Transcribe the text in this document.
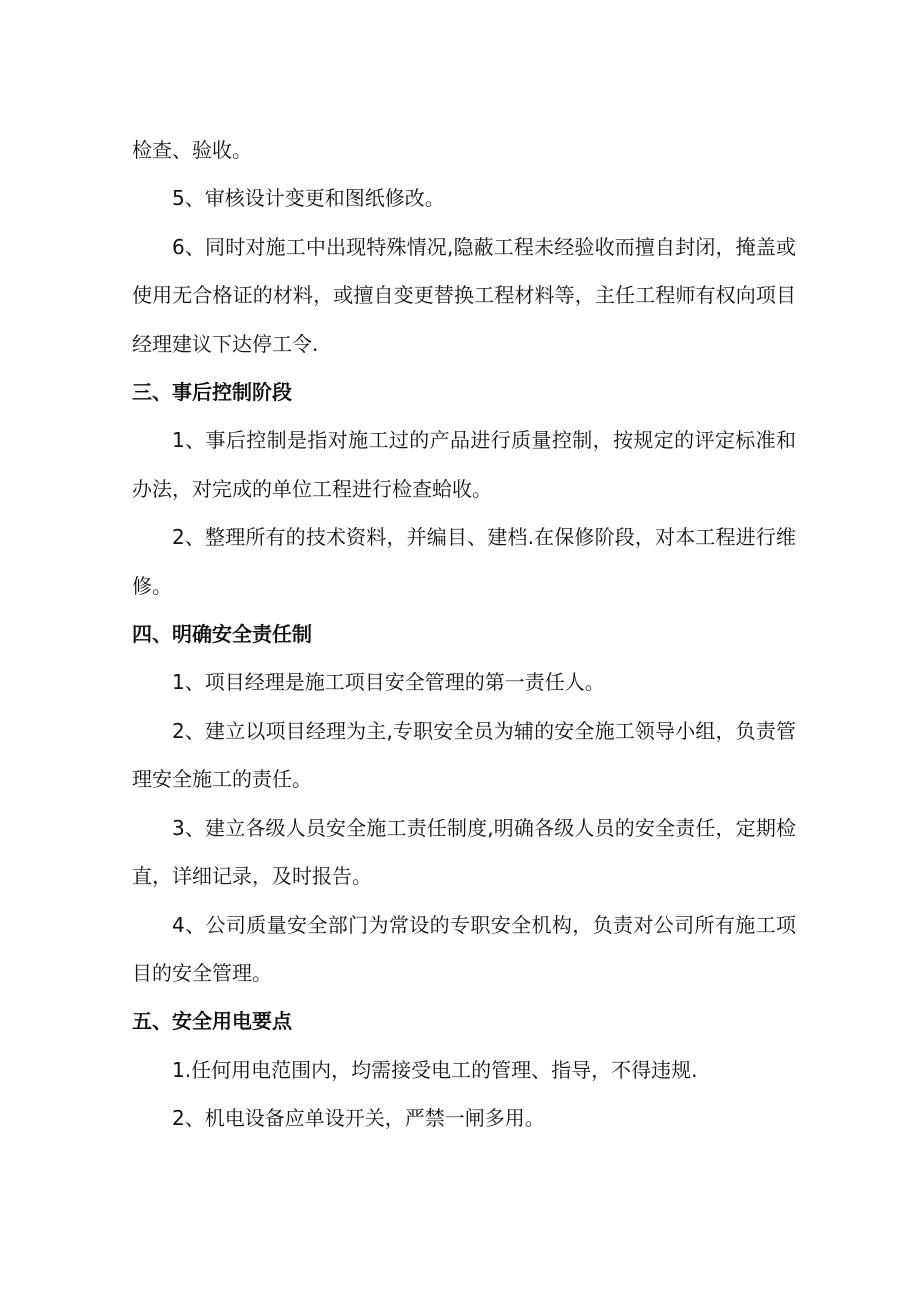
检查、验收。

5、审核设计变更和图纸修改。

6、同时对施工中出现特殊情况,隐蔽工程未经验收而擅自封闭，掩盖或使用无合格证的材料，或擅自变更替换工程材料等，主任工程师有权向项目经理建议下达停工令.

三、事后控制阶段

1、事后控制是指对施工过的产品进行质量控制，按规定的评定标准和办法，对完成的单位工程进行检查蛤收。

2、整理所有的技术资料，并编目、建档.在保修阶段，对本工程进行维修。

四、明确安全责任制

1、项目经理是施工项目安全管理的第一责任人。

2、建立以项目经理为主,专职安全员为辅的安全施工领导小组，负责管理安全施工的责任。

3、建立各级人员安全施工责任制度,明确各级人员的安全责任，定期检直，详细记录，及时报告。

4、公司质量安全部门为常设的专职安全机构，负责对公司所有施工项目的安全管理。

五、安全用电要点

1.任何用电范围内，均需接受电工的管理、指导，不得违规.

2、机电设备应单设开关，严禁一闸多用。
